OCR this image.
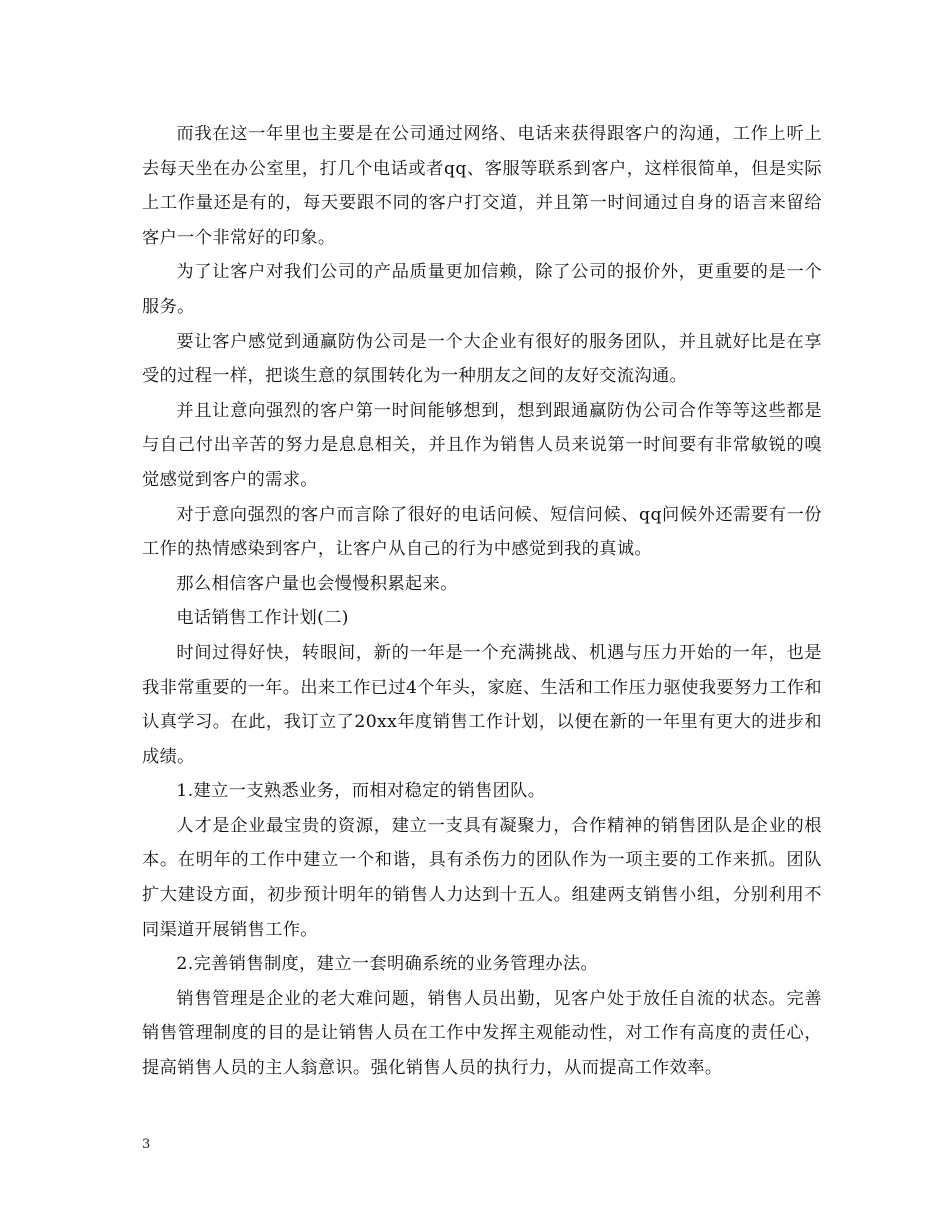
而我在这一年里也主要是在公司通过网络、电话来获得跟客户的沟通，工作上听上去每天坐在办公室里，打几个电话或者qq、客服等联系到客户，这样很简单，但是实际上工作量还是有的，每天要跟不同的客户打交道，并且第一时间通过自身的语言来留给客户一个非常好的印象。

为了让客户对我们公司的产品质量更加信赖，除了公司的报价外，更重要的是一个服务。

要让客户感觉到通赢防伪公司是一个大企业有很好的服务团队，并且就好比是在享受的过程一样，把谈生意的氛围转化为一种朋友之间的友好交流沟通。

并且让意向强烈的客户第一时间能够想到，想到跟通赢防伪公司合作等等这些都是与自己付出辛苦的努力是息息相关，并且作为销售人员来说第一时间要有非常敏锐的嗅觉感觉到客户的需求。

对于意向强烈的客户而言除了很好的电话问候、短信问候、qq问候外还需要有一份工作的热情感染到客户，让客户从自己的行为中感觉到我的真诚。

那么相信客户量也会慢慢积累起来。

电话销售工作计划(二)

时间过得好快，转眼间，新的一年是一个充满挑战、机遇与压力开始的一年，也是我非常重要的一年。出来工作已过4个年头，家庭、生活和工作压力驱使我要努力工作和认真学习。在此，我订立了20xx年度销售工作计划，以便在新的一年里有更大的进步和成绩。

1.建立一支熟悉业务，而相对稳定的销售团队。

人才是企业最宝贵的资源，建立一支具有凝聚力，合作精神的销售团队是企业的根本。在明年的工作中建立一个和谐，具有杀伤力的团队作为一项主要的工作来抓。团队扩大建设方面，初步预计明年的销售人力达到十五人。组建两支销售小组，分别利用不同渠道开展销售工作。

2.完善销售制度，建立一套明确系统的业务管理办法。

销售管理是企业的老大难问题，销售人员出勤，见客户处于放任自流的状态。完善销售管理制度的目的是让销售人员在工作中发挥主观能动性，对工作有高度的责任心，提高销售人员的主人翁意识。强化销售人员的执行力，从而提高工作效率。

3
